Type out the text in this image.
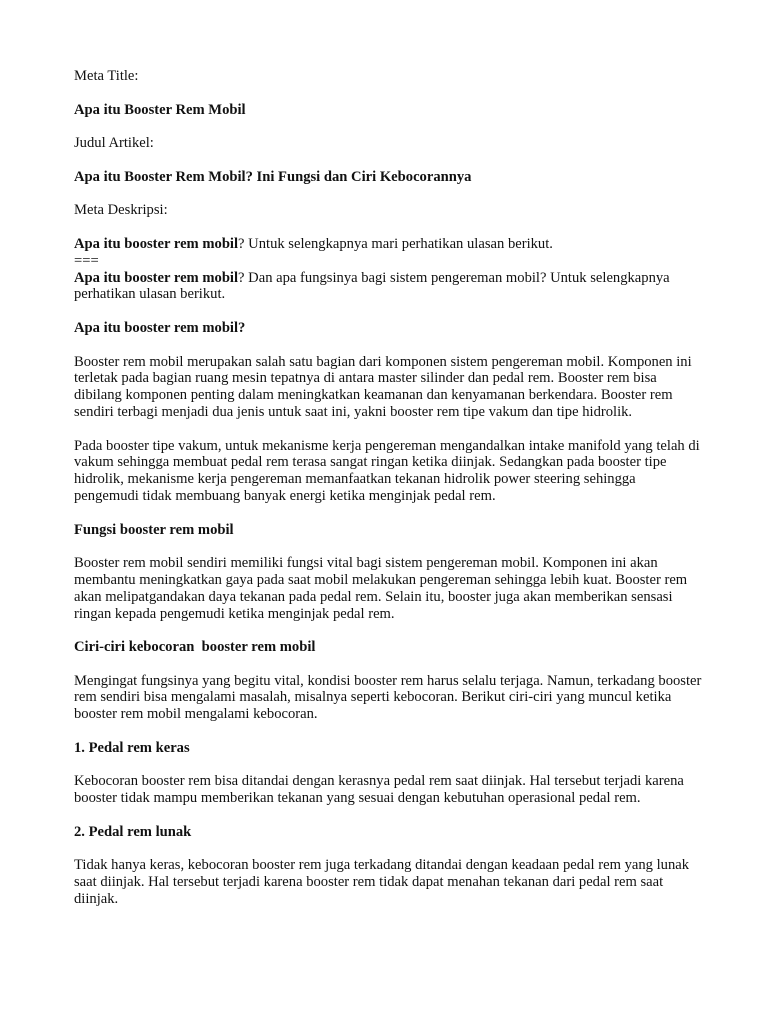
Meta Title:

Apa itu Booster Rem Mobil

Judul Artikel:

Apa itu Booster Rem Mobil? Ini Fungsi dan Ciri Kebocorannya

Meta Deskripsi:

Apa itu booster rem mobil? Untuk selengkapnya mari perhatikan ulasan berikut.

===

Apa itu booster rem mobil? Dan apa fungsinya bagi sistem pengereman mobil? Untuk selengkapnya perhatikan ulasan berikut.

Apa itu booster rem mobil?

Booster rem mobil merupakan salah satu bagian dari komponen sistem pengereman mobil. Komponen ini terletak pada bagian ruang mesin tepatnya di antara master silinder dan pedal rem. Booster rem bisa dibilang komponen penting dalam meningkatkan keamanan dan kenyamanan berkendara. Booster rem sendiri terbagi menjadi dua jenis untuk saat ini, yakni booster rem tipe vakum dan tipe hidrolik.

Pada booster tipe vakum, untuk mekanisme kerja pengereman mengandalkan intake manifold yang telah di vakum sehingga membuat pedal rem terasa sangat ringan ketika diinjak. Sedangkan pada booster tipe hidrolik, mekanisme kerja pengereman memanfaatkan tekanan hidrolik power steering sehingga pengemudi tidak membuang banyak energi ketika menginjak pedal rem.

Fungsi booster rem mobil

Booster rem mobil sendiri memiliki fungsi vital bagi sistem pengereman mobil. Komponen ini akan membantu meningkatkan gaya pada saat mobil melakukan pengereman sehingga lebih kuat. Booster rem akan melipatgandakan daya tekanan pada pedal rem. Selain itu, booster juga akan memberikan sensasi ringan kepada pengemudi ketika menginjak pedal rem.

Ciri-ciri kebocoran  booster rem mobil

Mengingat fungsinya yang begitu vital, kondisi booster rem harus selalu terjaga. Namun, terkadang booster rem sendiri bisa mengalami masalah, misalnya seperti kebocoran. Berikut ciri-ciri yang muncul ketika booster rem mobil mengalami kebocoran.

1. Pedal rem keras

Kebocoran booster rem bisa ditandai dengan kerasnya pedal rem saat diinjak. Hal tersebut terjadi karena booster tidak mampu memberikan tekanan yang sesuai dengan kebutuhan operasional pedal rem.

2. Pedal rem lunak

Tidak hanya keras, kebocoran booster rem juga terkadang ditandai dengan keadaan pedal rem yang lunak saat diinjak. Hal tersebut terjadi karena booster rem tidak dapat menahan tekanan dari pedal rem saat diinjak.
